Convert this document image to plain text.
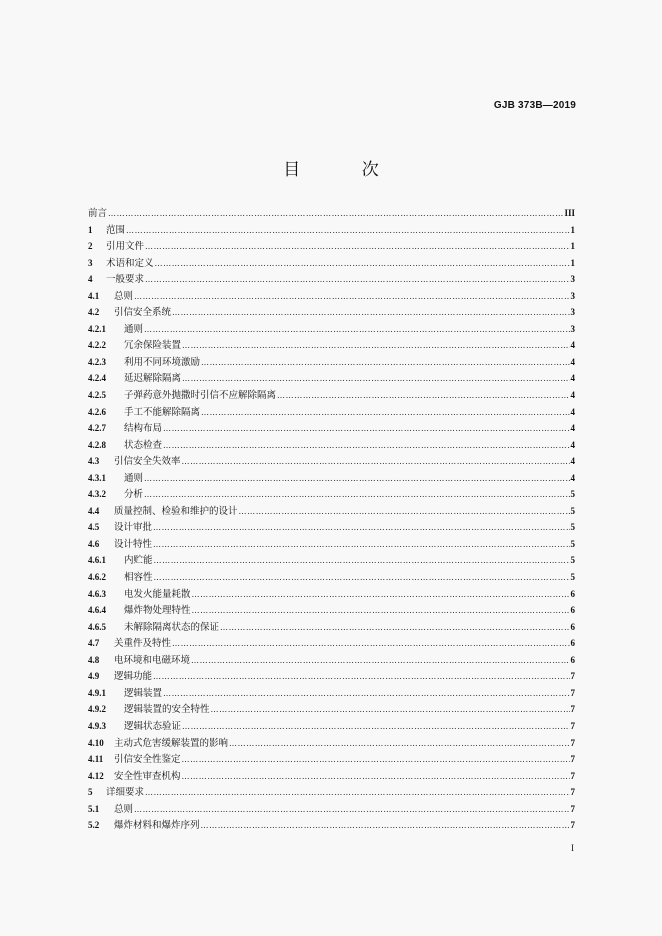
GJB 373B—2019
目 次
前言 …………………………………………………………………………………………………………………………………………………………………………………………………………………………………………	III
1	范围 …………………………………………………………………………………………………………………………………………………………………………………………………………………………………………	1
2	引用文件 …………………………………………………………………………………………………………………………………………………………………………………………………………………………………………	1
3	术语和定义 …………………………………………………………………………………………………………………………………………………………………………………………………………………………………………	1
4	一般要求 …………………………………………………………………………………………………………………………………………………………………………………………………………………………………………	3
4.1	总则 …………………………………………………………………………………………………………………………………………………………………………………………………………………………………………	3
4.2	引信安全系统 …………………………………………………………………………………………………………………………………………………………………………………………………………………………………………	3
4.2.1	通则 …………………………………………………………………………………………………………………………………………………………………………………………………………………………………………	3
4.2.2	冗余保险装置 …………………………………………………………………………………………………………………………………………………………………………………………………………………………………………	4
4.2.3	利用不同环境激励 …………………………………………………………………………………………………………………………………………………………………………………………………………………………………………	4
4.2.4	延迟解除隔离 …………………………………………………………………………………………………………………………………………………………………………………………………………………………………………	4
4.2.5	子弹药意外抛撒时引信不应解除隔离 …………………………………………………………………………………………………………………………………………………………………………………………………………………………………………	4
4.2.6	手工不能解除隔离 …………………………………………………………………………………………………………………………………………………………………………………………………………………………………………	4
4.2.7	结构布局 …………………………………………………………………………………………………………………………………………………………………………………………………………………………………………	4
4.2.8	状态检查 …………………………………………………………………………………………………………………………………………………………………………………………………………………………………………	4
4.3	引信安全失效率 …………………………………………………………………………………………………………………………………………………………………………………………………………………………………………	4
4.3.1	通则 …………………………………………………………………………………………………………………………………………………………………………………………………………………………………………	4
4.3.2	分析 …………………………………………………………………………………………………………………………………………………………………………………………………………………………………………	5
4.4	质量控制、检验和维护的设计 …………………………………………………………………………………………………………………………………………………………………………………………………………………………………………	5
4.5	设计审批 …………………………………………………………………………………………………………………………………………………………………………………………………………………………………………	5
4.6	设计特性 …………………………………………………………………………………………………………………………………………………………………………………………………………………………………………	5
4.6.1	内贮能 …………………………………………………………………………………………………………………………………………………………………………………………………………………………………………	5
4.6.2	相容性 …………………………………………………………………………………………………………………………………………………………………………………………………………………………………………	5
4.6.3	电发火能量耗散 …………………………………………………………………………………………………………………………………………………………………………………………………………………………………………	6
4.6.4	爆炸物处理特性 …………………………………………………………………………………………………………………………………………………………………………………………………………………………………………	6
4.6.5	未解除隔离状态的保证 …………………………………………………………………………………………………………………………………………………………………………………………………………………………………………	6
4.7	关重件及特性 …………………………………………………………………………………………………………………………………………………………………………………………………………………………………………	6
4.8	电环境和电磁环境 …………………………………………………………………………………………………………………………………………………………………………………………………………………………………………	6
4.9	逻辑功能 …………………………………………………………………………………………………………………………………………………………………………………………………………………………………………	7
4.9.1	逻辑装置 …………………………………………………………………………………………………………………………………………………………………………………………………………………………………………	7
4.9.2	逻辑装置的安全特性 …………………………………………………………………………………………………………………………………………………………………………………………………………………………………………	7
4.9.3	逻辑状态验证 …………………………………………………………………………………………………………………………………………………………………………………………………………………………………………	7
4.10	主动式危害缓解装置的影响 …………………………………………………………………………………………………………………………………………………………………………………………………………………………………………	7
4.11	引信安全性鉴定 …………………………………………………………………………………………………………………………………………………………………………………………………………………………………………	7
4.12	安全性审查机构 …………………………………………………………………………………………………………………………………………………………………………………………………………………………………………	7
5	详细要求 …………………………………………………………………………………………………………………………………………………………………………………………………………………………………………	7
5.1	总则 …………………………………………………………………………………………………………………………………………………………………………………………………………………………………………	7
5.2	爆炸材料和爆炸序列 …………………………………………………………………………………………………………………………………………………………………………………………………………………………………………	7
I
